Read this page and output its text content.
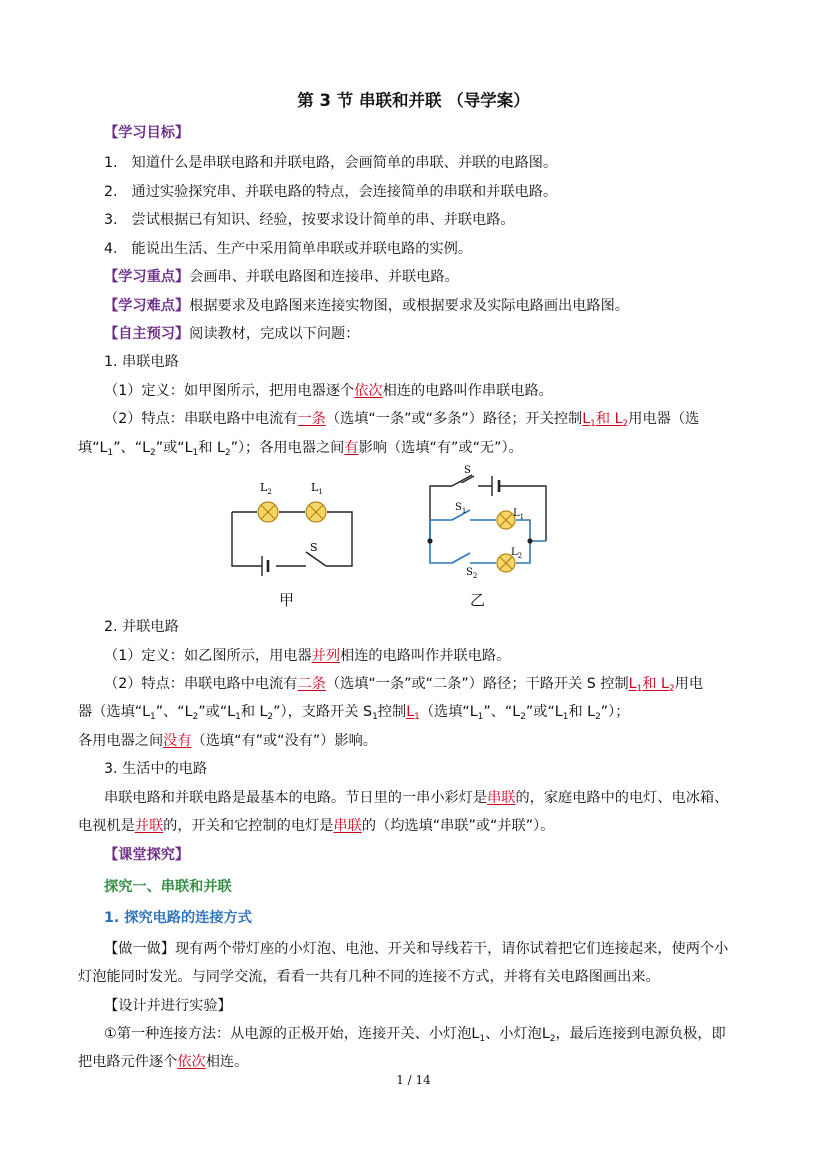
第 3 节 串联和并联 （导学案）
【学习目标】
1. 知道什么是串联电路和并联电路，会画简单的串联、并联的电路图。
2. 通过实验探究串、并联电路的特点，会连接简单的串联和并联电路。
3. 尝试根据已有知识、经验，按要求设计简单的串、并联电路。
4. 能说出生活、生产中采用简单串联或并联电路的实例。
【学习重点】会画串、并联电路图和连接串、并联电路。
【学习难点】根据要求及电路图来连接实物图，或根据要求及实际电路画出电路图。
【自主预习】阅读教材，完成以下问题：
1. 串联电路
（1）定义：如甲图所示，把用电器逐个依次相连的电路叫作串联电路。
（2）特点：串联电路中电流有一条（选填“一条”或“多条”）路径；开关控制$L_1$和 $L_2$用电器（选
填“$L_1$”、“$L_2$”或“$L_1$和 $L_2$”）；各用电器之间有影响（选填“有”或“无”）。
$L_2$	$L_1$
S
S
$S_1$	$L_1$
$L_2$
$S_2$
甲	乙
2. 并联电路
（1）定义：如乙图所示，用电器并列相连的电路叫作并联电路。
（2）特点：串联电路中电流有二条（选填“一条”或“二条”）路径；干路开关 S 控制$L_1$和 $L_2$用电
器（选填“$L_1$”、“$L_2$”或“$L_1$和 $L_2$”），支路开关 $S_1$控制$L_1$（选填“$L_1$”、“$L_2$”或“$L_1$和 $L_2$”）；
各用电器之间没有（选填“有”或“没有”）影响。
3. 生活中的电路
串联电路和并联电路是最基本的电路。节日里的一串小彩灯是串联的，家庭电路中的电灯、电冰箱、
电视机是并联的，开关和它控制的电灯是串联的（均选填“串联”或“并联”）。
【课堂探究】
探究一、串联和并联
1. 探究电路的连接方式
【做一做】现有两个带灯座的小灯泡、电池、开关和导线若干，请你试着把它们连接起来，使两个小
灯泡能同时发光。与同学交流，看看一共有几种不同的连接不方式，并将有关电路图画出来。
【设计并进行实验】
①第一种连接方法：从电源的正极开始，连接开关、小灯泡$L_1$、小灯泡$L_2$，最后连接到电源负极，即
把电路元件逐个依次相连。
1 / 14
